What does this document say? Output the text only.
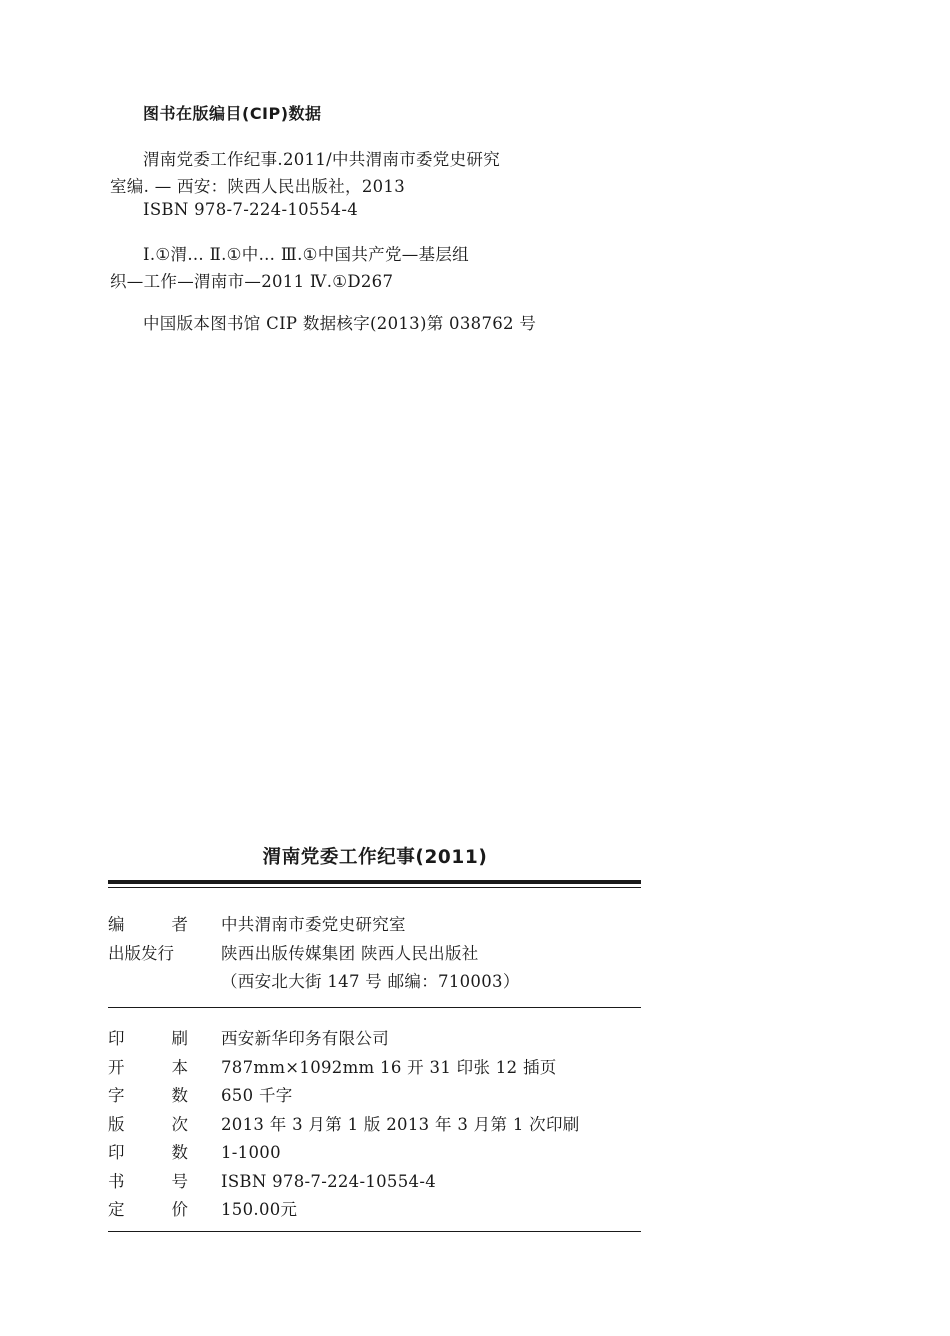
图书在版编目(CIP)数据
渭南党委工作纪事.2011/中共渭南市委党史研究
室编. — 西安：陕西人民出版社，2013
ISBN 978-7-224-10554-4
Ⅰ.①渭… Ⅱ.①中… Ⅲ.①中国共产党—基层组
织—工作—渭南市—2011 Ⅳ.①D267
中国版本图书馆 CIP 数据核字(2013)第 038762 号
渭南党委工作纪事(2011)
编	者 中共渭南市委党史研究室
出版发行	陕西出版传媒集团 陕西人民出版社
（西安北大街 147 号 邮编：710003）
印	刷 西安新华印务有限公司
开	本 787mm×1092mm 16 开 31 印张 12 插页
字	数 650 千字
版	次 2013 年 3 月第 1 版 2013 年 3 月第 1 次印刷
印	数 1-1000
书	号 ISBN 978-7-224-10554-4
定	价 150.00元
